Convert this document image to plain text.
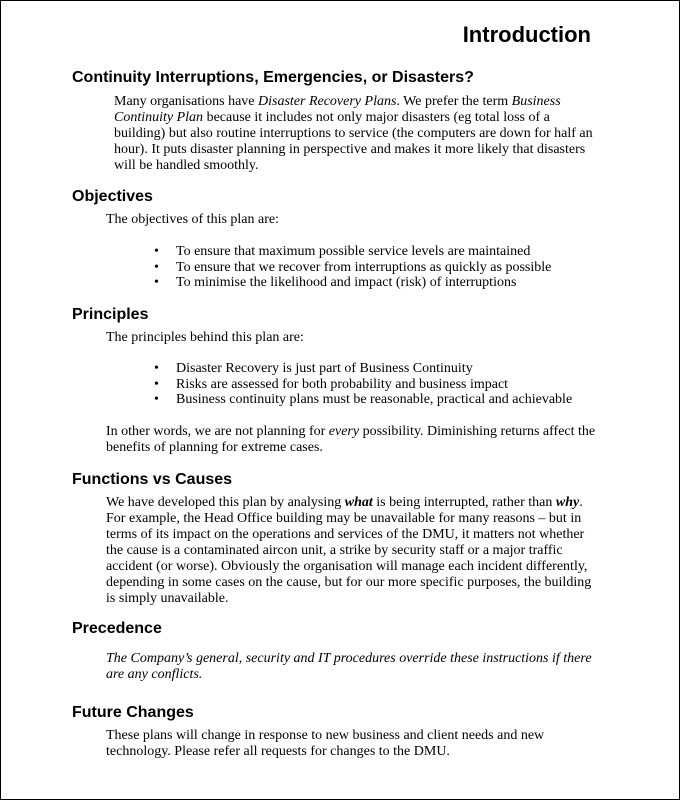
Introduction
Continuity Interruptions, Emergencies, or Disasters?

Many organisations have Disaster Recovery Plans. We prefer the term Business Continuity Plan because it includes not only major disasters (eg total loss of a building) but also routine interruptions to service (the computers are down for half an hour). It puts disaster planning in perspective and makes it more likely that disasters will be handled smoothly.

Objectives

The objectives of this plan are:

• To ensure that maximum possible service levels are maintained
• To ensure that we recover from interruptions as quickly as possible
• To minimise the likelihood and impact (risk) of interruptions
Principles

The principles behind this plan are:

• Disaster Recovery is just part of Business Continuity
• Risks are assessed for both probability and business impact
• Business continuity plans must be reasonable, practical and achievable

In other words, we are not planning for every possibility. Diminishing returns affect the benefits of planning for extreme cases.

Functions vs Causes

We have developed this plan by analysing what is being interrupted, rather than why. For example, the Head Office building may be unavailable for many reasons – but in terms of its impact on the operations and services of the DMU, it matters not whether the cause is a contaminated aircon unit, a strike by security staff or a major traffic accident (or worse). Obviously the organisation will manage each incident differently, depending in some cases on the cause, but for our more specific purposes, the building is simply unavailable.

Precedence

The Company’s general, security and IT procedures override these instructions if there are any conflicts.

Future Changes

These plans will change in response to new business and client needs and new technology. Please refer all requests for changes to the DMU.
